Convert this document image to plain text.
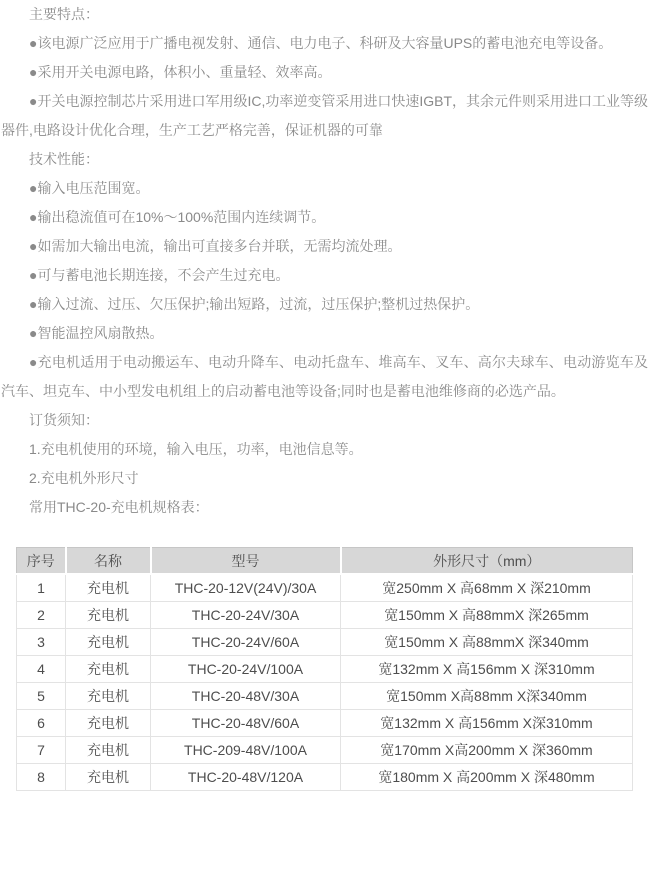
主要特点：

●该电源广泛应用于广播电视发射、通信、电力电子、科研及大容量UPS的蓄电池充电等设备。

●采用开关电源电路，体积小、重量轻、效率高。

●开关电源控制芯片采用进口军用级IC,功率逆变管采用进口快速IGBT，其余元件则采用进口工业等级器件,电路设计优化合理，生产工艺严格完善，保证机器的可靠

技术性能：

●输入电压范围宽。

●输出稳流值可在10%～100%范围内连续调节。

●如需加大输出电流，输出可直接多台并联，无需均流处理。

●可与蓄电池长期连接，不会产生过充电。

●输入过流、过压、欠压保护;输出短路，过流，过压保护;整机过热保护。

●智能温控风扇散热。

●充电机适用于电动搬运车、电动升降车、电动托盘车、堆高车、叉车、高尔夫球车、电动游览车及汽车、坦克车、中小型发电机组上的启动蓄电池等设备;同时也是蓄电池维修商的必选产品。

订货须知：

1.充电机使用的环境，输入电压，功率，电池信息等。

2.充电机外形尺寸

常用THC-20-充电机规格表：

序号	名称	型号	外形尺寸（mm）
1	充电机	THC-20-12V(24V)/30A	宽250mm X 高68mm X 深210mm
2	充电机	THC-20-24V/30A	宽150mm X 高88mmX 深265mm
3	充电机	THC-20-24V/60A	宽150mm X 高88mmX 深340mm
4	充电机	THC-20-24V/100A	宽132mm X 高156mm X 深310mm
5	充电机	THC-20-48V/30A	宽150mm X高88mm X深340mm
6	充电机	THC-20-48V/60A	宽132mm X 高156mm X深310mm
7	充电机	THC-209-48V/100A	宽170mm X高200mm X 深360mm
8	充电机	THC-20-48V/120A	宽180mm X 高200mm X 深480mm
